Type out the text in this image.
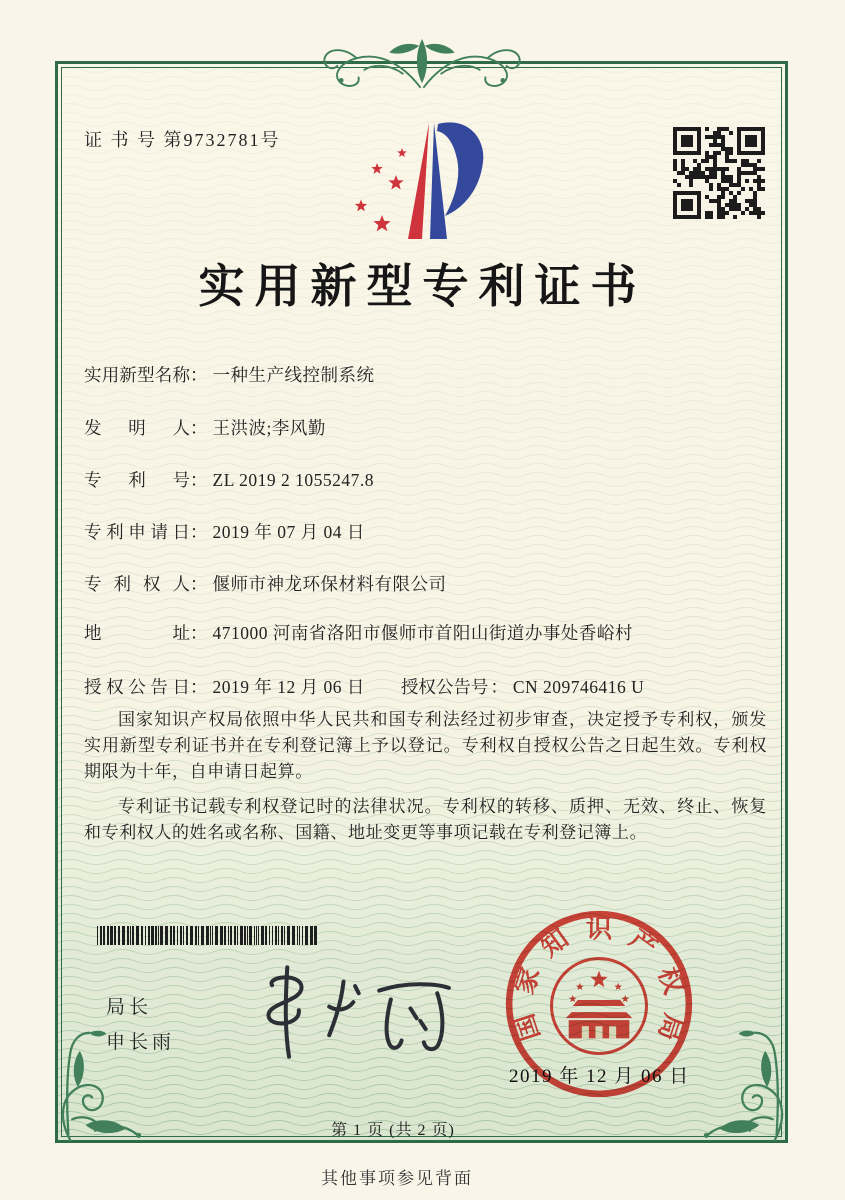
证 书 号 第9732781号
实用新型专利证书
实用新型名称： 一种生产线控制系统
发明人： 王洪波;李风勤
专利号： ZL 2019 2 1055247.8
专利申请日： 2019 年 07 月 04 日
专利权人： 偃师市神龙环保材料有限公司
地址： 471000 河南省洛阳市偃师市首阳山街道办事处香峪村
授权公告日： 2019 年 12 月 06 日 授权公告号 ： CN 209746416 U

国家知识产权局依照中华人民共和国专利法经过初步审查，决定授予专利权，颁发实用新型专利证书并在专利登记簿上予以登记。专利权自授权公告之日起生效。专利权期限为十年，自申请日起算。

专利证书记载专利权登记时的法律状况。专利权的转移、质押、无效、终止、恢复和专利权人的姓名或名称、国籍、地址变更等事项记载在专利登记簿上。

局长
申长雨	国
家
知 识 产
权
局
2019 年 12 月 06 日
第 1 页 (共 2 页)
其他事项参见背面
